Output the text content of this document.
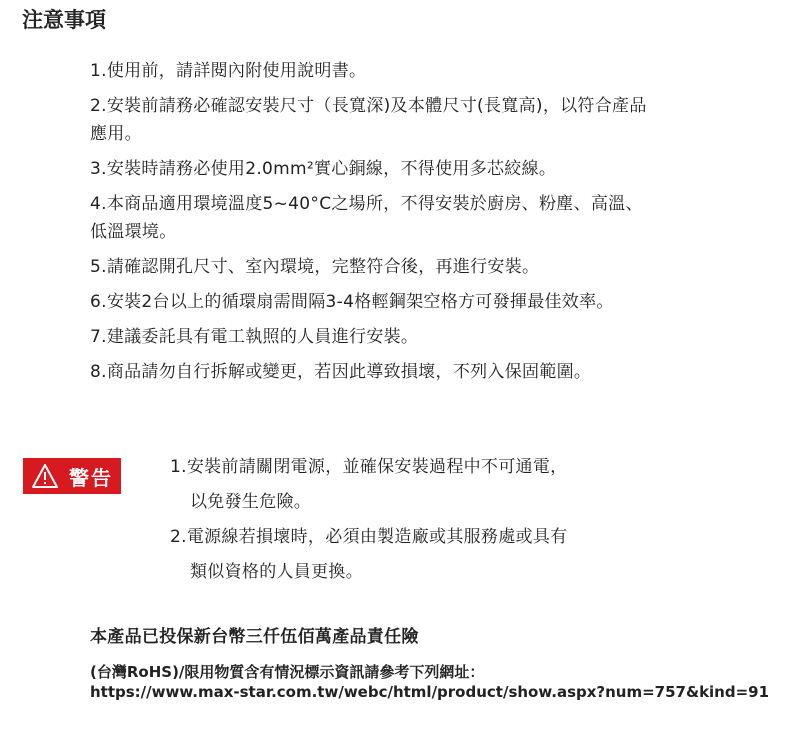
注意事項

1.使用前，請詳閱內附使用說明書。

2.安裝前請務必確認安裝尺寸（長寬深)及本體尺寸(長寬高)，以符合產品

應用。

3.安裝時請務必使用2.0mm²實心銅線，不得使用多芯絞線。

4.本商品適用環境溫度5~40°C之場所，不得安裝於廚房、粉塵、高溫、

低溫環境。

5.請確認開孔尺寸、室內環境，完整符合後，再進行安裝。

6.安裝2台以上的循環扇需間隔3-4格輕鋼架空格方可發揮最佳效率。

7.建議委託具有電工執照的人員進行安裝。

8.商品請勿自行拆解或變更，若因此導致損壞，不列入保固範圍。

警告	1.安裝前請關閉電源，並確保安裝過程中不可通電，

以免發生危險。

2.電源線若損壞時，必須由製造廠或其服務處或具有

類似資格的人員更換。

本產品已投保新台幣三仟伍佰萬產品責任險

(台灣RoHS)/限用物質含有情況標示資訊請參考下列網址：
https://www.max-star.com.tw/webc/html/product/show.aspx?num=757&kind=91
